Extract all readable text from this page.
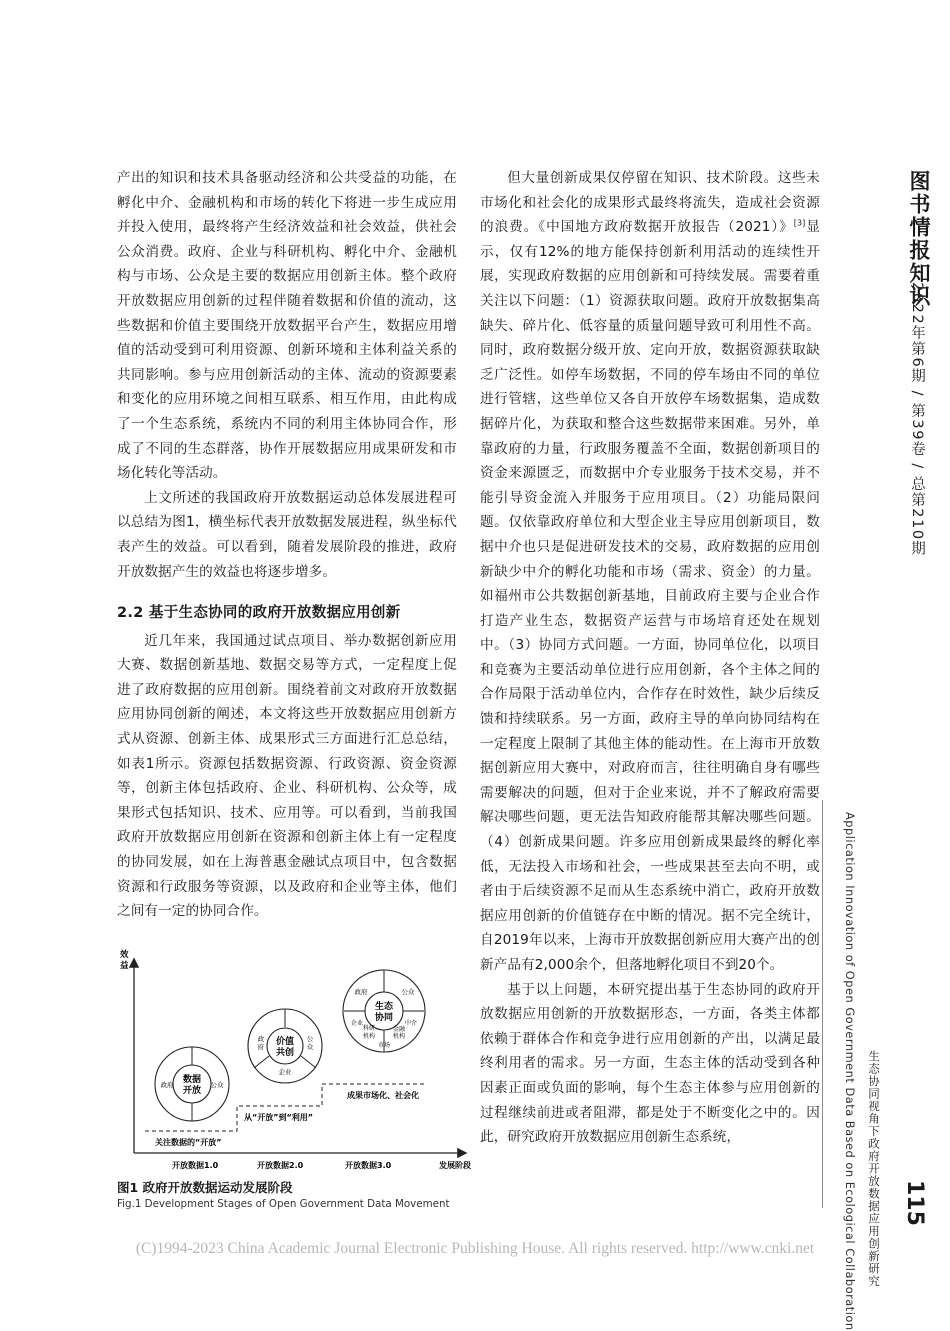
产出的知识和技术具备驱动经济和公共受益的功能，在孵化中介、金融机构和市场的转化下将进一步生成应用并投入使用，最终将产生经济效益和社会效益，供社会公众消费。政府、企业与科研机构、孵化中介、金融机构与市场、公众是主要的数据应用创新主体。整个政府开放数据应用创新的过程伴随着数据和价值的流动，这些数据和价值主要围绕开放数据平台产生，数据应用增值的活动受到可利用资源、创新环境和主体利益关系的共同影响。参与应用创新活动的主体、流动的资源要素和变化的应用环境之间相互联系、相互作用，由此构成了一个生态系统，系统内不同的利用主体协同合作，形成了不同的生态群落，协作开展数据应用成果研发和市场化转化等活动。

上文所述的我国政府开放数据运动总体发展进程可以总结为图1，横坐标代表开放数据发展进程，纵坐标代表产生的效益。可以看到，随着发展阶段的推进，政府开放数据产生的效益也将逐步增多。

2.2 基于生态协同的政府开放数据应用创新

近几年来，我国通过试点项目、举办数据创新应用大赛、数据创新基地、数据交易等方式，一定程度上促进了政府数据的应用创新。围绕着前文对政府开放数据应用协同创新的阐述，本文将这些开放数据应用创新方式从资源、创新主体、成果形式三方面进行汇总总结，如表1所示。资源包括数据资源、行政资源、资金资源等，创新主体包括政府、企业、科研机构、公众等，成果形式包括知识、技术、应用等。可以看到，当前我国政府开放数据应用创新在资源和创新主体上有一定程度的协同发展，如在上海普惠金融试点项目中，包含数据资源和行政服务等资源，以及政府和企业等主体，他们之间有一定的协同合作。

但大量创新成果仅停留在知识、技术阶段。这些未市场化和社会化的成果形式最终将流失，造成社会资源的浪费。《中国地方政府数据开放报告（2021）》[3]显示，仅有12%的地方能保持创新利用活动的连续性开展，实现政府数据的应用创新和可持续发展。需要着重关注以下问题：（1）资源获取问题。政府开放数据集高缺失、碎片化、低容量的质量问题导致可利用性不高。同时，政府数据分级开放、定向开放，数据资源获取缺乏广泛性。如停车场数据，不同的停车场由不同的单位进行管辖，这些单位又各自开放停车场数据集，造成数据碎片化，为获取和整合这些数据带来困难。另外，单靠政府的力量，行政服务覆盖不全面，数据创新项目的资金来源匮乏，而数据中介专业服务于技术交易，并不能引导资金流入并服务于应用项目。（2）功能局限问题。仅依靠政府单位和大型企业主导应用创新项目，数据中介也只是促进研发技术的交易，政府数据的应用创新缺少中介的孵化功能和市场（需求、资金）的力量。如福州市公共数据创新基地，目前政府主要与企业合作打造产业生态，数据资产运营与市场培育还处在规划中。（3）协同方式问题。一方面，协同单位化，以项目和竞赛为主要活动单位进行应用创新，各个主体之间的合作局限于活动单位内，合作存在时效性，缺少后续反馈和持续联系。另一方面，政府主导的单向协同结构在一定程度上限制了其他主体的能动性。在上海市开放数据创新应用大赛中，对政府而言，往往明确自身有哪些需要解决的问题，但对于企业来说，并不了解政府需要解决哪些问题，更无法告知政府能帮其解决哪些问题。（4）创新成果问题。许多应用创新成果最终的孵化率低，无法投入市场和社会，一些成果甚至去向不明，或者由于后续资源不足而从生态系统中消亡，政府开放数据应用创新的价值链存在中断的情况。据不完全统计，自2019年以来，上海市开放数据创新应用大赛产出的创新产品有2,000余个，但落地孵化项目不到20个。

基于以上问题，本研究提出基于生态协同的政府开放数据应用创新的开放数据形态，一方面，各类主体都依赖于群体合作和竞争进行应用创新的产出，以满足最终利用者的需求。另一方面，生态主体的活动受到各种因素正面或负面的影响，每个生态主体参与应用创新的过程继续前进或者阻滞，都是处于不断变化之中的。因此，研究政府开放数据应用创新生态系统，

效
益
发展阶段
开放数据1.0	开放数据2.0	开放数据3.0
关注数据的“开放”
从“开放”到“利用”
成果市场化、社会化
数据
开放
政府	公众
价值
共创
政
府
公
众
企业
生态
协同
政府	公众
企业
科研
机构
中介
金融
机构
市场
图1 政府开放数据运动发展阶段
Fig.1 Development Stages of Open Government Data Movement
图书情报知识
2022年第6期 / 第39卷 / 总第210期
Application Innovation of Open Government Data Based on Ecological Collaboration 生态协同视角下政府开放数据应用创新研究 115
(C)1994-2023 China Academic Journal Electronic Publishing House. All rights reserved. http://www.cnki.net
